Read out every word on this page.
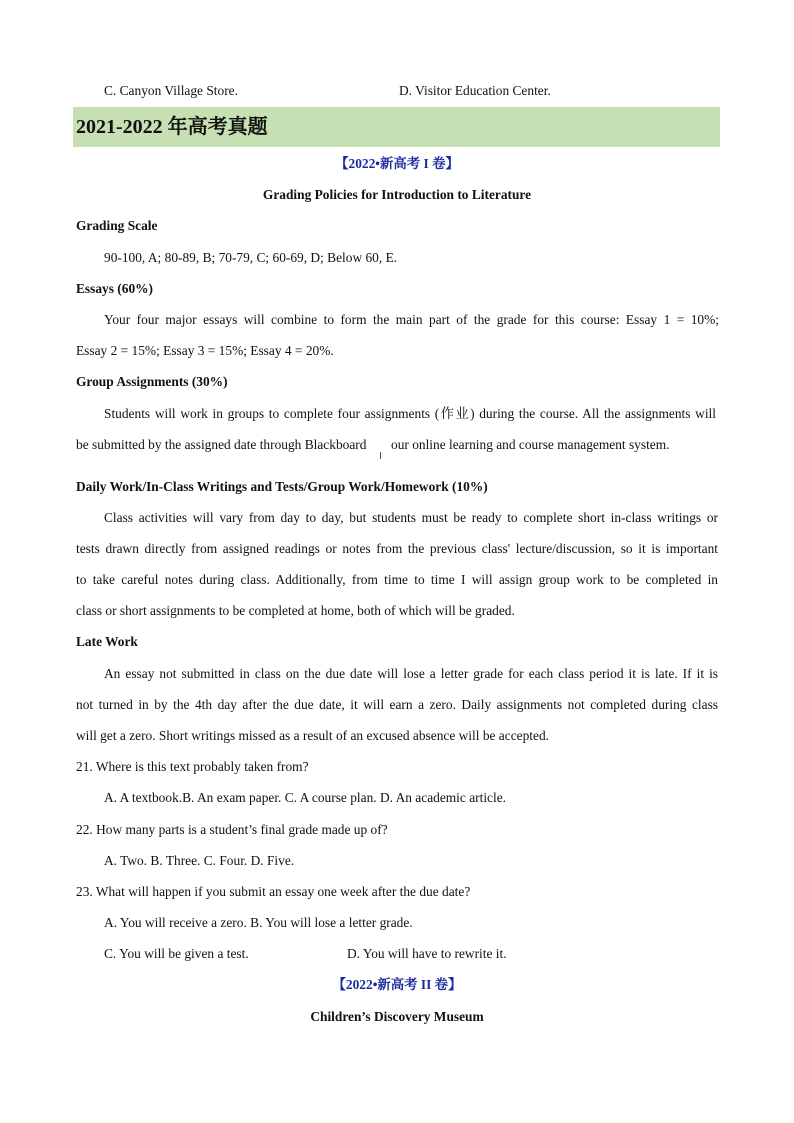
C. Canyon Village Store.	D. Visitor Education Center.
2021-2022 年高考真题
【2022•新高考 I 卷】
Grading Policies for Introduction to Literature
Grading Scale
90-100, A; 80-89, B; 70-79, C; 60-69, D; Below 60, E.
Essays (60%)
Your four major essays will combine to form the main part of the grade for this course: Essay 1 = 10%;
Essay 2 = 15%; Essay 3 = 15%; Essay 4 = 20%.
Group Assignments (30%)
Students will work in groups to complete four assignments (作业) during the course. All the assignments will
be submitted by the assigned date through Blackboard our online learning and course management system.
Daily Work/In-Class Writings and Tests/Group Work/Homework (10%)
Class activities will vary from day to day, but students must be ready to complete short in-class writings or
tests drawn directly from assigned readings or notes from the previous class' lecture/discussion, so it is important
to take careful notes during class. Additionally, from time to time I will assign group work to be completed in
class or short assignments to be completed at home, both of which will be graded.
Late Work
An essay not submitted in class on the due date will lose a letter grade for each class period it is late. If it is
not turned in by the 4th day after the due date, it will earn a zero. Daily assignments not completed during class
will get a zero. Short writings missed as a result of an excused absence will be accepted.
21. Where is this text probably taken from?
A. A textbook.B. An exam paper. C. A course plan. D. An academic article.
22. How many parts is a student’s final grade made up of?
A. Two. B. Three. C. Four. D. Five.
23. What will happen if you submit an essay one week after the due date?
A. You will receive a zero. B. You will lose a letter grade.
C. You will be given a test.	D. You will have to rewrite it.
【2022•新高考 II 卷】
Children’s Discovery Museum
